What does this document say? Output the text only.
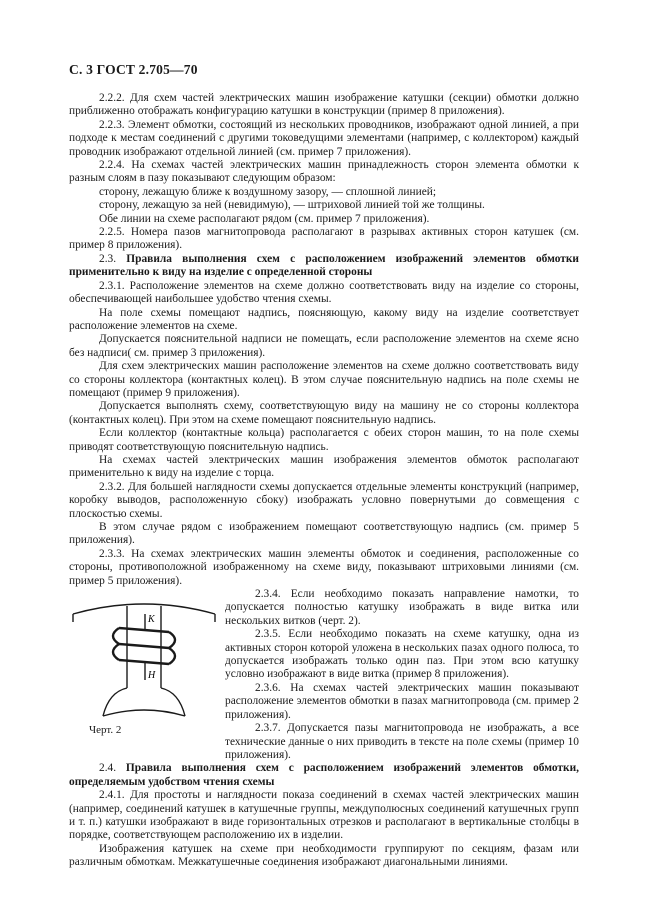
С. 3 ГОСТ 2.705—70

2.2.2. Для схем частей электрических машин изображение катушки (секции) обмотки должно приближенно отображать конфигурацию катушки в конструкции (пример 8 приложения).

2.2.3. Элемент обмотки, состоящий из нескольких проводников, изображают одной линией, а при подходе к местам соединений с другими токоведущими элементами (например, с коллектором) каждый проводник изображают отдельной линией (см. пример 7 приложения).

2.2.4. На схемах частей электрических машин принадлежность сторон элемента обмотки к разным слоям в пазу показывают следующим образом:

сторону, лежащую ближе к воздушному зазору, — сплошной линией;

сторону, лежащую за ней (невидимую), — штриховой линией той же толщины.

Обе линии на схеме располагают рядом (см. пример 7 приложения).

2.2.5. Номера пазов магнитопровода располагают в разрывах активных сторон катушек (см. пример 8 приложения).

2.3. Правила выполнения схем с расположением изображений элементов обмотки применительно к виду на изделие с определенной стороны

2.3.1. Расположение элементов на схеме должно соответствовать виду на изделие со стороны, обеспечивающей наибольшее удобство чтения схемы.

На поле схемы помещают надпись, поясняющую, какому виду на изделие соответствует расположение элементов на схеме.

Допускается пояснительной надписи не помещать, если расположение элементов на схеме ясно без надписи( см. пример 3 приложения).

Для схем электрических машин расположение элементов на схеме должно соответствовать виду со стороны коллектора (контактных колец). В этом случае пояснительную надпись на поле схемы не помещают (пример 9 приложения).

Допускается выполнять схему, соответствующую виду на машину не со стороны коллектора (контактных колец). При этом на схеме помещают пояснительную надпись.

Если коллектор (контактные кольца) располагается с обеих сторон машин, то на поле схемы приводят соответствующую пояснительную надпись.

На схемах частей электрических машин изображения элементов обмоток располагают применительно к виду на изделие с торца.

2.3.2. Для большей наглядности схемы допускается отдельные элементы конструкций (например, коробку выводов, расположенную сбоку) изображать условно повернутыми до совмещения с плоскостью схемы.

В этом случае рядом с изображением помещают соответствующую надпись (см. пример 5 приложения).

2.3.3. На схемах электрических машин элементы обмоток и соединения, расположенные со стороны, противоположной изображенному на схеме виду, показывают штриховыми линиями (см. пример 5 приложения).

К
Н
Черт. 2

2.3.4. Если необходимо показать направление намотки, то допускается полностью катушку изображать в виде витка или нескольких витков (черт. 2).

2.3.5. Если необходимо показать на схеме катушку, одна из активных сторон которой уложена в нескольких пазах одного полюса, то допускается изображать только один паз. При этом всю катушку условно изображают в виде витка (пример 8 приложения).

2.3.6. На схемах частей электрических машин показывают расположение элементов обмотки в пазах магнитопровода (см. пример 2 приложения).

2.3.7. Допускается пазы магнитопровода не изображать, а все технические данные о них приводить в тексте на поле схемы (пример 10 приложения).

2.4. Правила выполнения схем с расположением изображений элементов обмотки, определяемым удобством чтения схемы

2.4.1. Для простоты и наглядности показа соединений в схемах частей электрических машин (например, соединений катушек в катушечные группы, междуполюсных соединений катушечных групп и т. п.) катушки изображают в виде горизонтальных отрезков и располагают в вертикальные столбцы в порядке, соответствующем расположению их в изделии.

Изображения катушек на схеме при необходимости группируют по секциям, фазам или различным обмоткам. Межкатушечные соединения изображают диагональными линиями.
